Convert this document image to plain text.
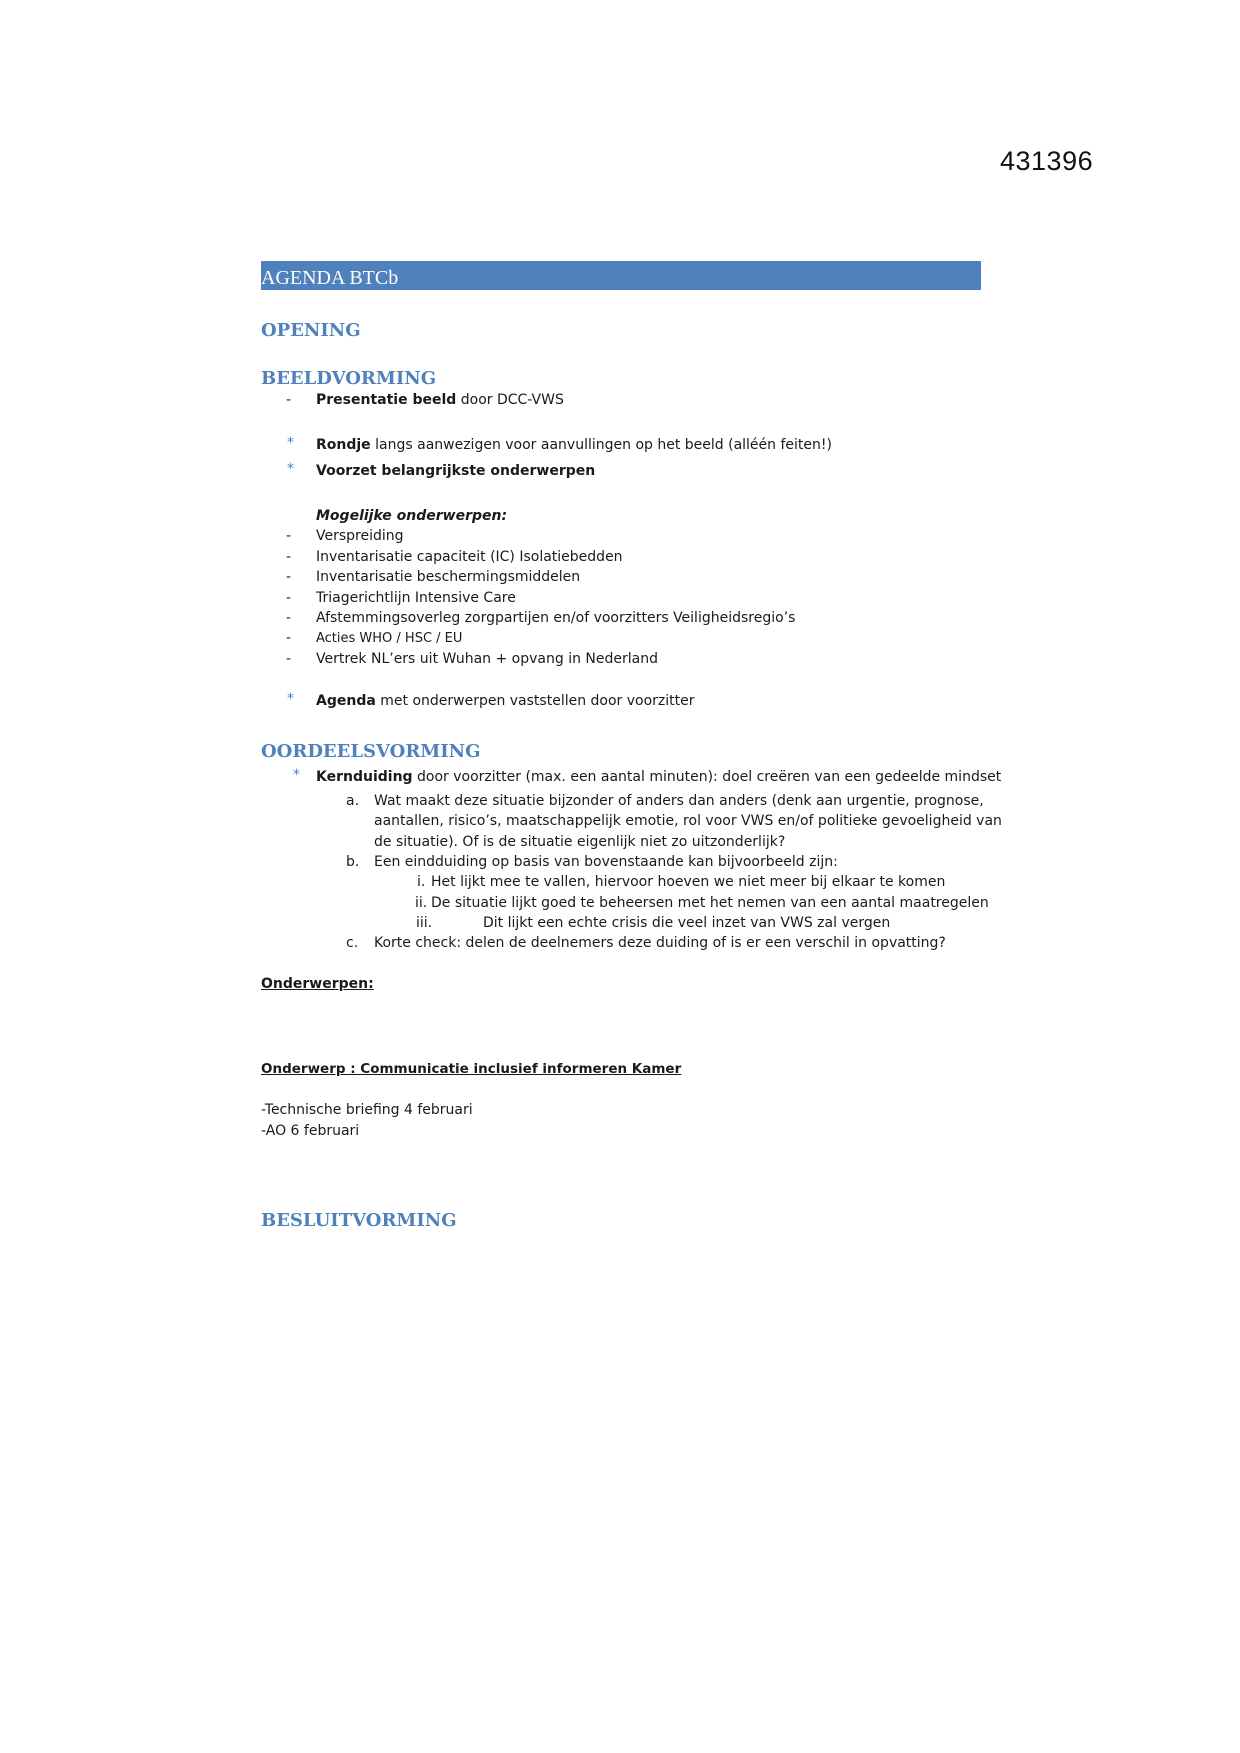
431396
AGENDA BTCb
OPENING
BEELDVORMING
- Presentatie beeld door DCC-VWS
* Rondje langs aanwezigen voor aanvullingen op het beeld (alléén feiten!)
* Voorzet belangrijkste onderwerpen
Mogelijke onderwerpen:
- Verspreiding
- Inventarisatie capaciteit (IC) Isolatiebedden
- Inventarisatie beschermingsmiddelen
- Triagerichtlijn Intensive Care
- Afstemmingsoverleg zorgpartijen en/of voorzitters Veiligheidsregio’s
- Acties WHO / HSC / EU
- Vertrek NL’ers uit Wuhan + opvang in Nederland
* Agenda met onderwerpen vaststellen door voorzitter
OORDEELSVORMING
* Kernduiding door voorzitter (max. een aantal minuten): doel creëren van een gedeelde mindset
a. Wat maakt deze situatie bijzonder of anders dan anders (denk aan urgentie, prognose,
aantallen, risico’s, maatschappelijk emotie, rol voor VWS en/of politieke gevoeligheid van
de situatie). Of is de situatie eigenlijk niet zo uitzonderlijk?
b. Een eindduiding op basis van bovenstaande kan bijvoorbeeld zijn:
i. Het lijkt mee te vallen, hiervoor hoeven we niet meer bij elkaar te komen
ii. De situatie lijkt goed te beheersen met het nemen van een aantal maatregelen
iii.	Dit lijkt een echte crisis die veel inzet van VWS zal vergen
c. Korte check: delen de deelnemers deze duiding of is er een verschil in opvatting?
Onderwerpen:
Onderwerp : Communicatie inclusief informeren Kamer
-Technische briefing 4 februari
-AO 6 februari
BESLUITVORMING
